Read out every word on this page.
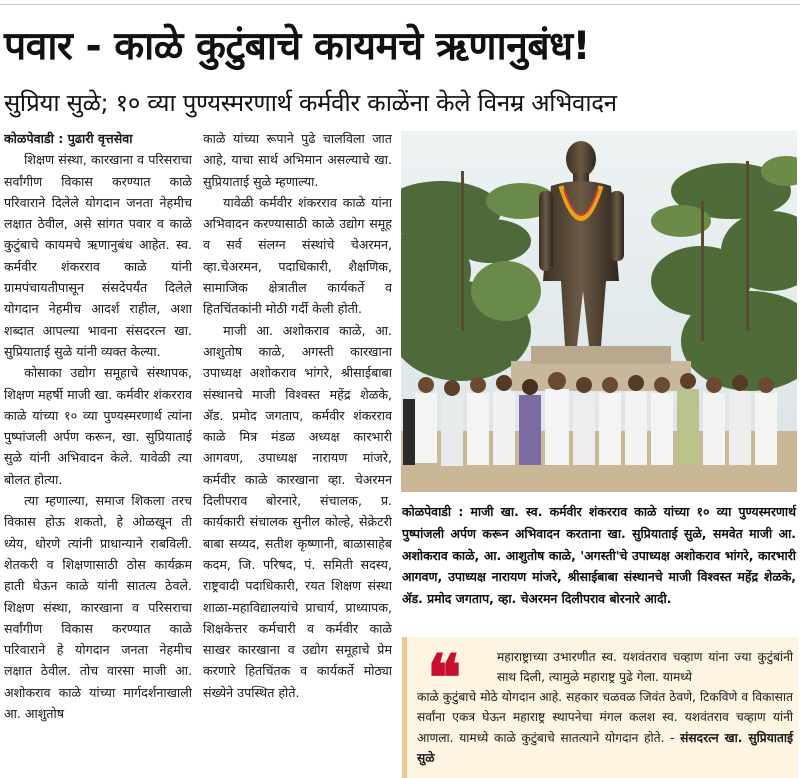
पवार - काळे कुटुंबाचे कायमचे ऋणानुबंध!
सुप्रिया सुळे; १० व्या पुण्यस्मरणार्थ कर्मवीर काळेंना केले विनम्र अभिवादन

कोळपेवाडी : पुढारी वृत्तसेवा

शिक्षण संस्था, कारखाना व परिसराचा सर्वांगीण विकास करण्यात काळे परिवाराने दिलेले योगदान जनता नेहमीच लक्षात ठेवील, असे सांगत पवार व काळे कुटुंबाचे कायमचे ऋणानुबंध आहेत. स्व. कर्मवीर शंकरराव काळे यांनी ग्रामपंचायतीपासून संसदेपर्यंत दिलेले योगदान नेहमीच आदर्श राहील, अशा शब्दात आपल्या भावना संसदरत्न खा. सुप्रियाताई सुळे यांनी व्यक्त केल्या.

कोसाका उद्योग समूहाचे संस्थापक, शिक्षण महर्षी माजी खा. कर्मवीर शंकरराव काळे यांच्या १० व्या पुण्यस्मरणार्थ त्यांना पुष्पांजली अर्पण करून, खा. सुप्रियाताई सुळे यांनी अभिवादन केले. यावेळी त्या बोलत होत्या.

त्या म्हणाल्या, समाज शिकला तरच विकास होऊ शकतो, हे ओळखून ती ध्येय, धोरणे त्यांनी प्राधान्याने राबविली. शेतकरी व शिक्षणासाठी ठोस कार्यक्रम हाती घेऊन काळे यांनी सातत्य ठेवले. शिक्षण संस्था, कारखाना व परिसराचा सर्वांगीण विकास करण्यात काळे परिवाराने हे योगदान जनता नेहमीच लक्षात ठेवील. तोच वारसा माजी आ. अशोकराव काळे यांच्या मार्गदर्शनाखाली आ. आशुतोष

काळे यांच्या रूपाने पुढे चालविला जात आहे, याचा सार्थ अभिमान असल्याचे खा. सुप्रियाताई सुळे म्हणाल्या.

यावेळी कर्मवीर शंकरराव काळे यांना अभिवादन करण्यासाठी काळे उद्योग समूह व सर्व संलग्न संस्थांचे चेअरमन, व्हा.चेअरमन, पदाधिकारी, शैक्षणिक, सामाजिक क्षेत्रातील कार्यकर्ते व हितचिंतकांनी मोठी गर्दी केली होती.

माजी आ. अशोकराव काळे, आ. आशुतोष काळे, अगस्ती कारखाना उपाध्यक्ष अशोकराव भांगरे, श्रीसाईबाबा संस्थानचे माजी विश्वस्त महेंद्र शेळके, ॲड. प्रमोद जगताप, कर्मवीर शंकरराव काळे मित्र मंडळ अध्यक्ष कारभारी आगवण, उपाध्यक्ष नारायण मांजरे, कर्मवीर काळे कारखाना व्हा. चेअरमन दिलीपराव बोरनारे, संचालक, प्र. कार्यकारी संचालक सुनील कोल्हे, सेक्रेटरी बाबा सय्यद, सतीश कृष्णानी, बाळासाहेब कदम, जि. परिषद, पं. समिती सदस्य, राष्ट्रवादी पदाधिकारी, रयत शिक्षण संस्था शाळा-महाविद्यालयांचे प्राचार्य, प्राध्यापक, शिक्षकेत्तर कर्मचारी व कर्मवीर काळे साखर कारखाना व उद्योग समूहाचे प्रेम करणारे हितचिंतक व कार्यकर्ते मोठ्या संख्येने उपस्थित होते.

कोळपेवाडी : माजी खा. स्व. कर्मवीर शंकरराव काळे यांच्या १० व्या पुण्यस्मरणार्थ पुष्पांजली अर्पण करून अभिवादन करताना खा. सुप्रियाताई सुळे, समवेत माजी आ. अशोकराव काळे, आ. आशुतोष काळे, 'अगस्ती'चे उपाध्यक्ष अशोकराव भांगरे, कारभारी आगवण, उपाध्यक्ष नारायण मांजरे, श्रीसाईबाबा संस्थानचे माजी विश्वस्त महेंद्र शेळके, ॲड. प्रमोद जगताप, व्हा. चेअरमन दिलीपराव बोरनारे आदी.
❝	महाराष्ट्राच्या उभारणीत स्व. यशवंतराव चव्हाण यांना ज्या कुटुंबांनी साथ दिली, त्यामुळे महाराष्ट्र पुढे गेला. यामध्ये
काळे कुटुंबाचे मोठे योगदान आहे. सहकार चळवळ जिवंत ठेवणे, टिकविणे व विकासात सर्वांना एकत्र घेऊन महाराष्ट्र स्थापनेचा मंगल कलश स्व. यशवंतराव चव्हाण यांनी आणला. यामध्ये काळे कुटुंबाचे सातत्याने योगदान होते. - संसदरत्न खा. सुप्रियाताई सुळे
